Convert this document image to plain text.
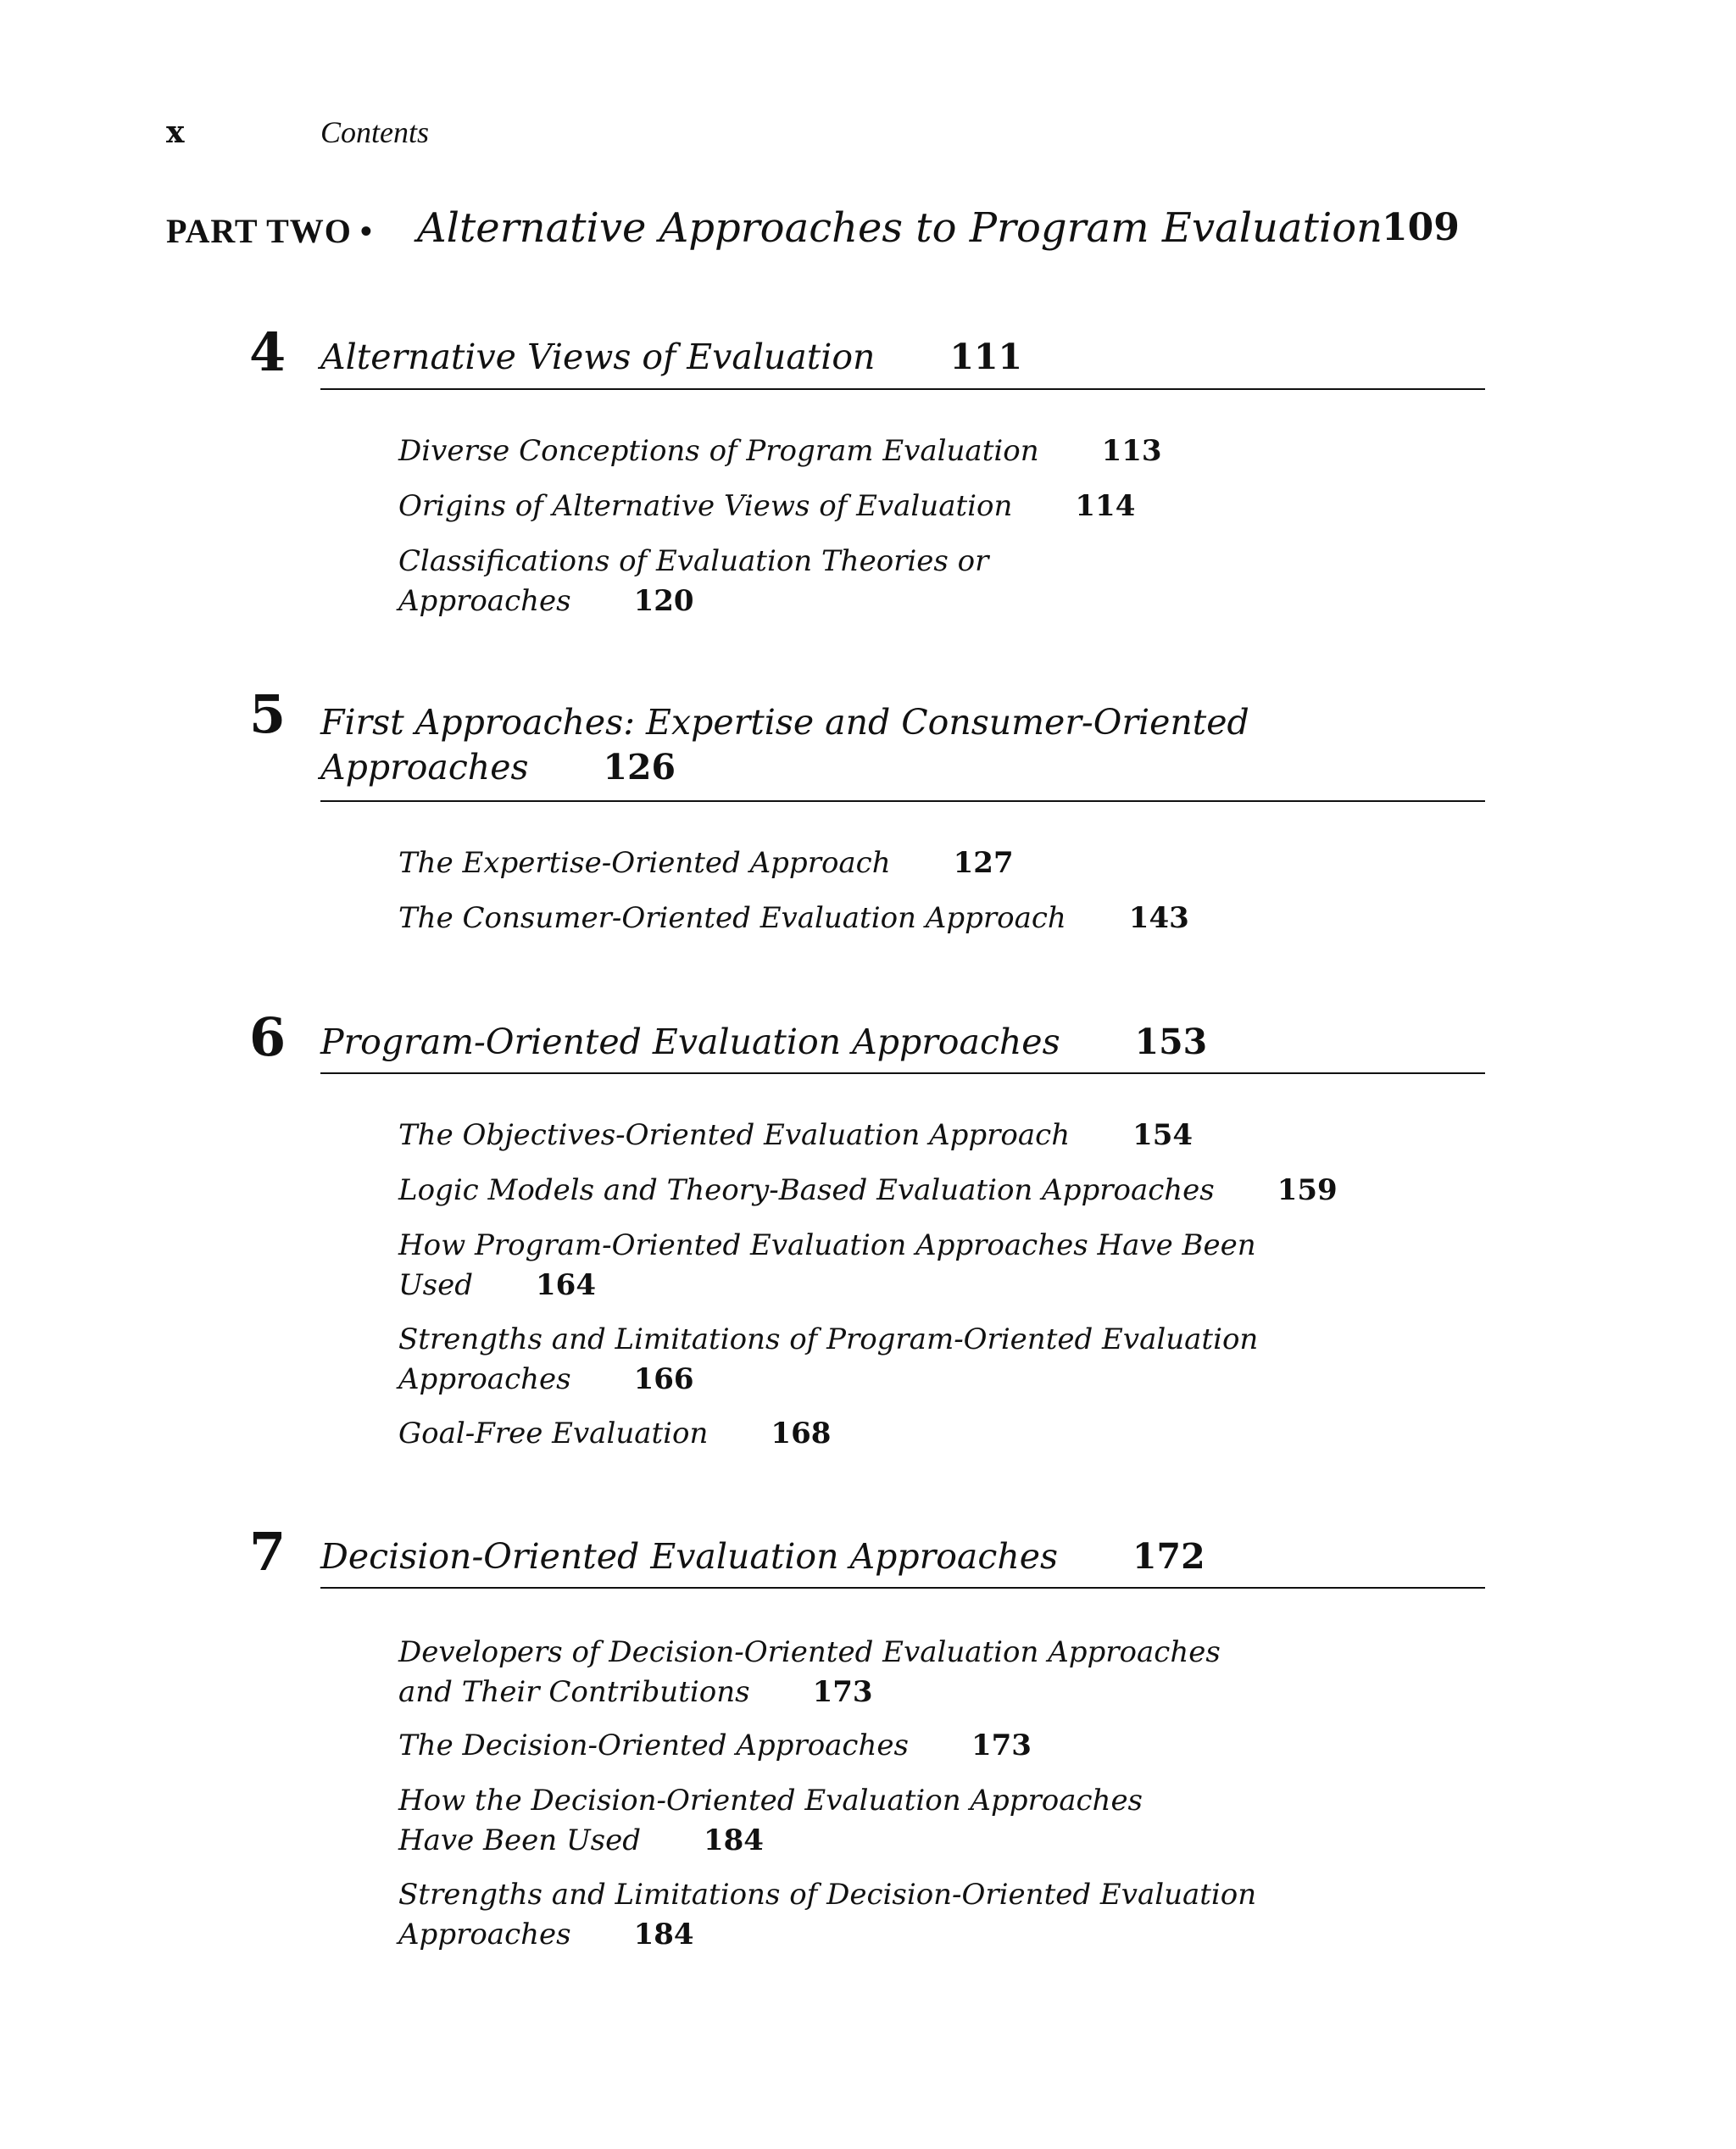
x	Contents
PART TWO • Alternative Approaches to Program Evaluation
109
4 Alternative Views of Evaluation 111
Diverse Conceptions of Program Evaluation 113
Origins of Alternative Views of Evaluation 114
Classifications of Evaluation Theories or
Approaches 120
5 First Approaches: Expertise and Consumer-Oriented
Approaches 126
The Expertise-Oriented Approach 127
The Consumer-Oriented Evaluation Approach 143
6 Program-Oriented Evaluation Approaches 153
The Objectives-Oriented Evaluation Approach 154
Logic Models and Theory-Based Evaluation Approaches 159
How Program-Oriented Evaluation Approaches Have Been
Used 164
Strengths and Limitations of Program-Oriented Evaluation
Approaches 166
Goal-Free Evaluation 168
7 Decision-Oriented Evaluation Approaches 172
Developers of Decision-Oriented Evaluation Approaches
and Their Contributions 173
The Decision-Oriented Approaches 173
How the Decision-Oriented Evaluation Approaches
Have Been Used 184
Strengths and Limitations of Decision-Oriented Evaluation
Approaches 184
